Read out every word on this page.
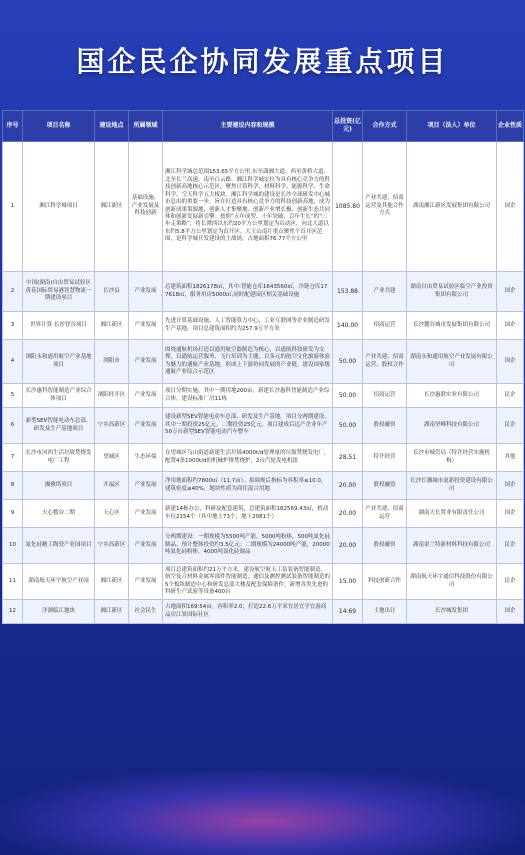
国企民企协同发展重点项目
序号	项目名称	建设地点	所属领域	主要建设内容和规模	总投资(亿元)	合作方式	项目（法人）单位	企业性质
1	湘江科学城项目	湘江新区	基础设施、产业发展及科技创新	湘江科学城总范围153.65平方公里,东至潇湘大道、西至黄桥大道、北至长兰高速、南至白云路。湘江科学城定位为具有核心竞争力的科技创新高地核心示范区，聚焦计算科学、材料科学、能源科学、生命科学、空天科学五大板块。湘江科学城的建设是长沙全球研发中心城市总出的重要一步，旨在打造具有核心竞争力的科技创新高地，成为创新成果策源地、创新人才集聚地、创新产业增长极、创新生态共同体和创新发展新引擎。按照“五年成型、十年突破、百年生长”的“三步走策略”，将长潭西以东约20平方公里划定为启动区，向北大道以东约5.8平方公里划定为首开区。大王山南片重点聚焦个首开区范围，是科学城开发建设的主战场，占地面积76.77平方公里	1085.80	产业共建、招商运营及其他合作方式	湖南湘江新区发展集团有限公司	国企
2	中国(湖南)自由贸易试验区黄花国际贸易港智慧物流一期建设项目	长沙县	产业发展	总建筑面积1826178㎡，其中:智能仓库1643560㎡，冷链仓库177618㎡，服务用房5000㎡,同时配建园区相关基础设施	153.88	产业共建	湖南自由贸易试验区临空产业投资集团有限公司	国企
3	世界计算·长沙智谷项目	湘江新区	产业发展	先进计算基础设施、人工智能算力中心、工业互联网等企业制造研发生产基地，项目总建筑面积约为257.9万平方米	140.00	招商运营	长沙麓谷城市发展集团有限公司	国企
4	浏阳永和通用航空产业基地项目	浏阳市	产业发展	围绕通航机场打造以通用航空器制造为核心，以通航科技研发为支撑，以通航运营服务、飞行培训为主题，以多元的航空文化旅游体验为魅力的通航产业基地，形成上下游协同发展的产业链，建设国家级通航产业综合示范区	50.00	产业共建、招商运营、股权合作	湖南永和通用航空产业发展有限公司	国企
5	长沙惠科智能制造产业综合体项目	浏阳经开区	产业发展	项目分期实施，其中一期用地200亩，新建长沙惠科智能制造产业综合体，建设标准厂房11栋	50.00	招商运营	长沙惠联实业有限公司	民企
6	新型SEV智能电动车总部、研发及生产基地项目	宁乡高新区	产业发展	建设新型SEV智能电动车总部、研发及生产基地。项目分两期建设，其中一期投资25亿元，二期投资25亿元。项目建成后达产企业年产50万台新型SEV智能电动汽车整车	50.00	股权融资	湖南坚峰科技有限公司	民企
7	长沙市河西生活垃圾焚烧发电厂工程	望城区	生态环保	在望城区乌山街道新建生活垃圾4000t/d处理量的垃圾焚烧发电厂，配置4条1000t/d的机械炉排焚烧炉，2台汽轮发电机组	28.51	特许经营	长沙市城管局（特许经营实施机构）	其他
8	湘雅塔项目	开福区	产业发展	净用地面积约7800㎡（11.7亩）。拟调规后指标为容积率≤10.0，建筑密度≤40%，地块性质为商住混合用地	20.00	股权融资	长沙长湘城市更新投资建设有限公司	国企
9	天心数谷二期	天心区	产业发展	新建14栋办公、科研及配套建筑，总建筑面积182569.43㎡，机动车位2154个（其中地上73个，地下2081个）	20.00	产业共建、招商运营	湖南天长置业有限责任公司	国企
10	氮化硅精工陶瓷产业园项目	宁乡高新区	产业发展	分两期建设：一期规模为5500吨产能，5000吨粉体，500吨氮化硅制品。预计整体投资约3.5亿元；二期规模为24000吨产能，20000吨氮化硅粉体，4000吨氮化硅制品	20.00	股权融资	湖南诺兰特新材料科技有限公司	民企
11	湖南航天环宇航空产业园	湘江新区	产业发展	项目总建筑面积约21万平方米，建设航空航天工装装备智能制造、航空复合材料金属零部件智能制造、通信及测控测试装备智能制造的5个板块制造中心和研发总部大楼及配套保障条件，新增各类先进的科研生产试验等设备400台	15.00	科技创新合作	湖南航天环宇通信科技股份有限公司	民企
12	洋湖临江地块	湘江新区	社会民生	占地面积169.54亩，容积率2.0，打造22.6万平米宜居宜学宜游商品房江景国际社区	14.69	土地出让	长沙城发集团	国企
